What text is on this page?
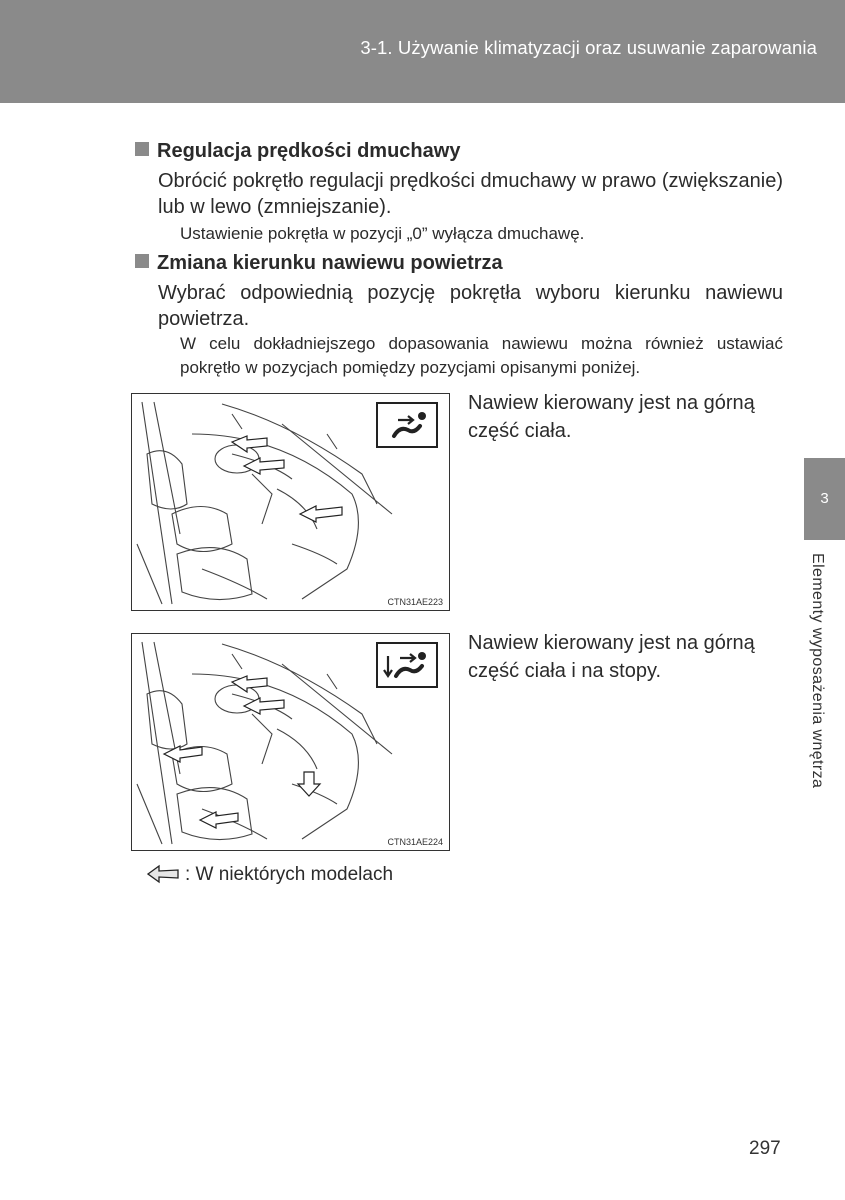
3-1. Używanie klimatyzacji oraz usuwanie zaparowania
3
Elementy wyposażenia wnętrza
Regulacja prędkości dmuchawy
Obrócić pokrętło regulacji prędkości dmuchawy w prawo (zwiększanie) lub w lewo (zmniejszanie).
Ustawienie pokrętła w pozycji „0” wyłącza dmuchawę.
Zmiana kierunku nawiewu powietrza
Wybrać odpowiednią pozycję pokrętła wyboru kierunku nawiewu powietrza.
W celu dokładniejszego dopasowania nawiewu można również ustawiać pokrętło w pozycjach pomiędzy pozycjami opisanymi poniżej.
CTN31AE223
Nawiew kierowany jest na górną część ciała.
CTN31AE224
Nawiew kierowany jest na górną część ciała i na stopy.
: W niektórych modelach
297
